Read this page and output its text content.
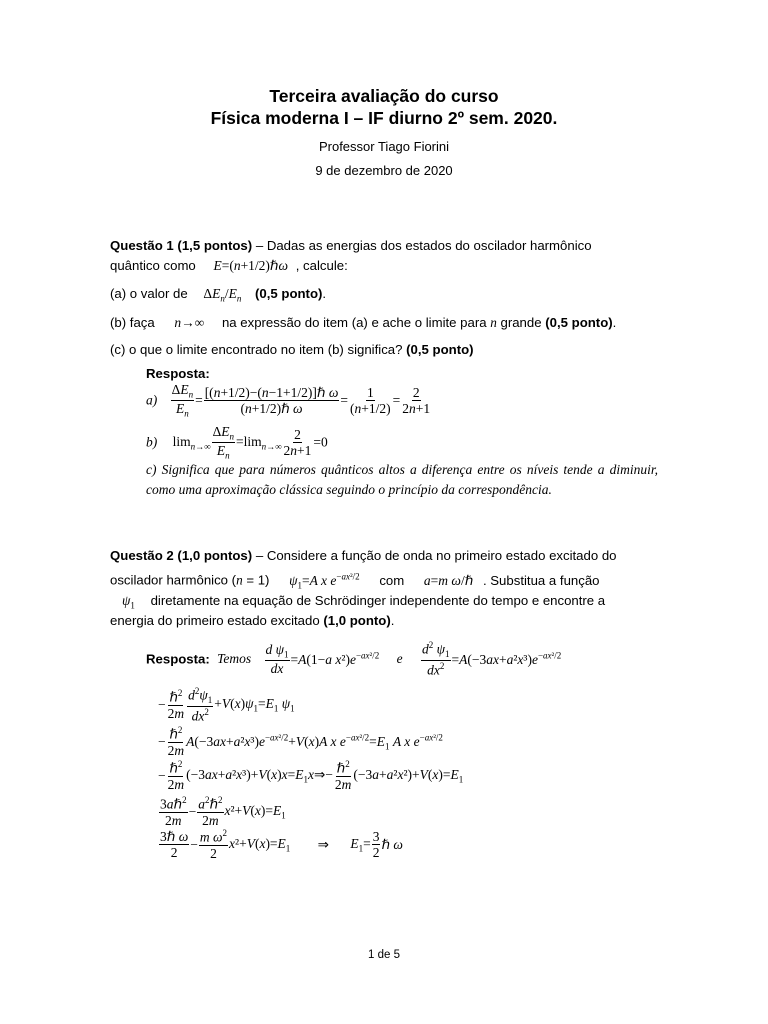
Terceira avaliação do curso
Física moderna I – IF diurno 2º sem. 2020.
Professor Tiago Fiorini
9 de dezembro de 2020
Questão 1 (1,5 pontos) – Dadas as energias dos estados do oscilador harmônico
quântico como E=(n+1/2)ℏω , calcule:
(a) o valor de $\Delta E_n/E_n$ (0,5 ponto).
(b) faça n→∞ na expressão do item (a) e ache o limite para n grande (0,5 ponto).
(c) o que o limite encontrado no item (b) significa? (0,5 ponto)
Resposta:
$a) \frac{\Delta E_n}{E_n} = \frac{\text{[(n+1/2)−(n−1+1/2)]ℏ ω}}{\text{(n+1/2)ℏ ω}} = \frac{1}{(n+1/2)} = \frac{2}{2n+1}$
b) $\lim_{n\to\infty} \frac{\Delta E_n}{E_n} =\lim_{n\to\infty} \frac{2}{2n+1} =0$
c) Significa que para números quânticos altos a diferença entre os níveis tende a diminuir, como uma aproximação clássica seguindo o princípio da correspondência.
Questão 2 (1,0 pontos) – Considere a função de onda no primeiro estado excitado do
oscilador harmônico (n = 1) $\psi_1=A$ x $e^{-ax^2/2}$ com a=m ω/ℏ . Substitua a função
$\psi_1$ diretamente na equação de Schrödinger independente do tempo e encontre a
energia do primeiro estado excitado (1,0 ponto).
Resposta: Temos $\frac{d \psi_1}{dx} =A(1-a$ $x^2)e^{-ax^2/2}$ e $\frac{d^2 \psi_1}{dx^2} =A(-3ax+a^2x^3)e^{-ax^2/2}$
− $\frac{\hbar^2}{2m} \frac{d^2\psi_1}{dx^2} +V(x)\psi_1=E_1$ $\psi_1$
− $\frac{\hbar^2}{2m} A(-3ax+a^2x^3)e^{-ax^2/2}+V(x)A$ x $e^{-ax^2/2}=E_1$ A x $e^{-ax^2/2}$
− $\frac{\hbar^2}{2m}$ $(-3ax+a^2x^3)+V(x)x=E_1x\Rightarrow- \frac{\hbar^2}{2m} (-3a+a^2x^2)+V(x)=E_1$
$\frac{3a\hbar^2}{2m} - \frac{a^2\hbar^2}{2m} x^2+V(x)=E_1$
$\frac{\text{3ℏ ω}}{2} - \frac{m \omega^2}{2} x^2+V(x)=E_1$ ⇒ $E_1= \frac{3}{2}$ ℏ ω
1 de 5
